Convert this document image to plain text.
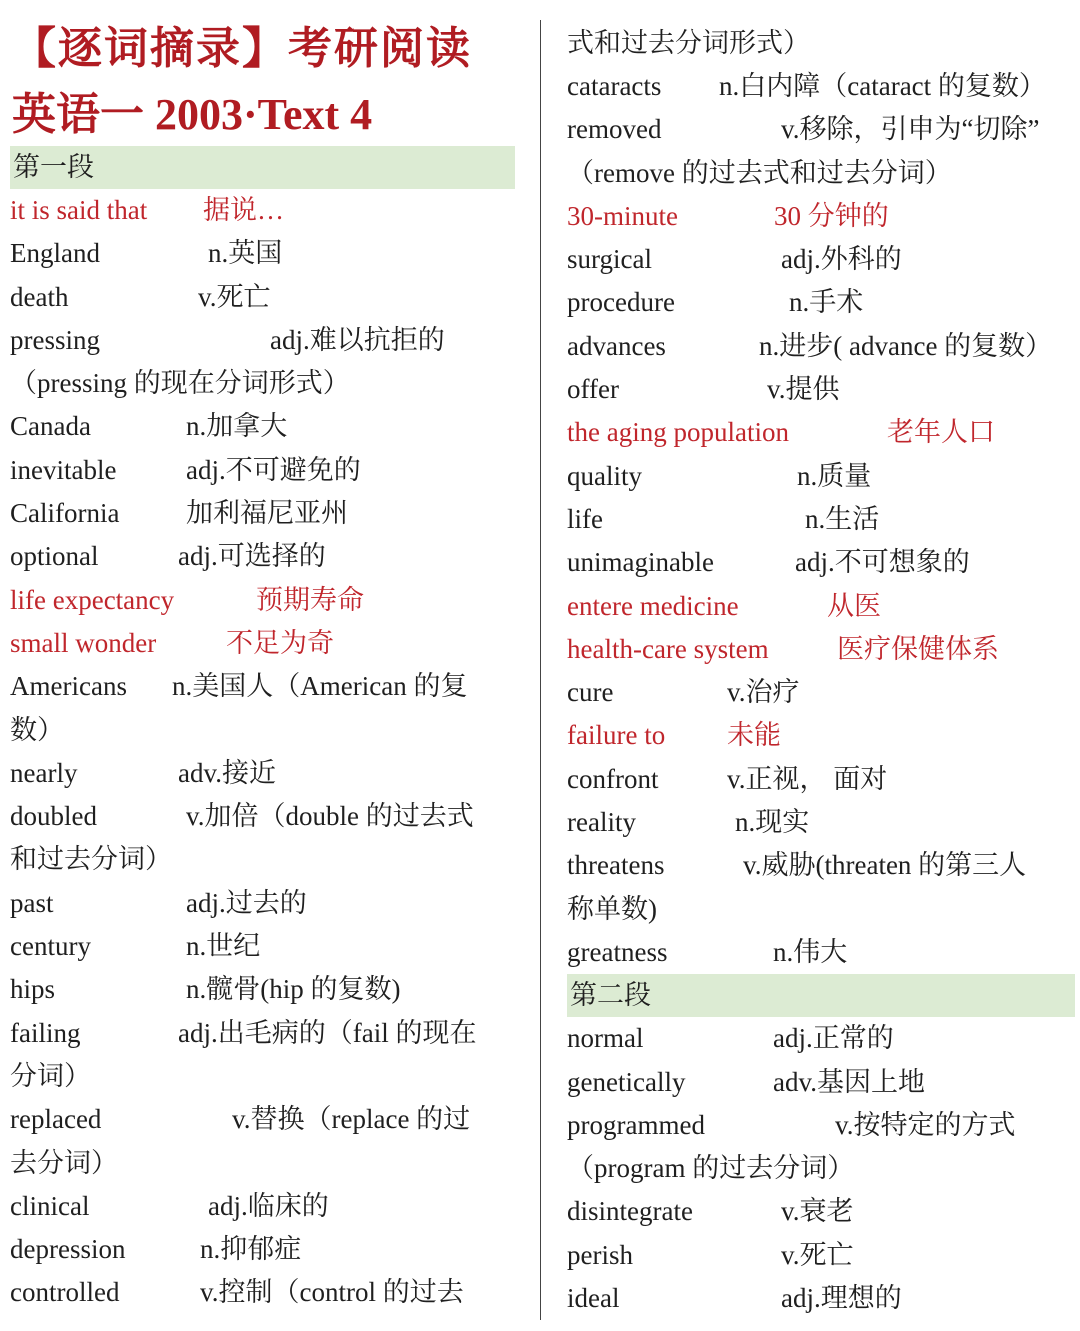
【逐词摘录】考研阅读
英语一 2003·Text 4
第一段
it is said that 据说…
England	n.英国
death	v.死亡
pressing	adj.难以抗拒的
（pressing 的现在分词形式）
Canada	n.加拿大
inevitable	adj.不可避免的
California 加利福尼亚州
optional	adj.可选择的
life expectancy	预期寿命
small wonder	不足为奇
Americans n.美国人（American 的复
数）
nearly	adv.接近
doubled	v.加倍（double 的过去式
和过去分词）
past	adj.过去的
century	n.世纪
hips	n.髋骨(hip 的复数)
failing	adj.出毛病的（fail 的现在
分词）
replaced	v.替换（replace 的过
去分词）
clinical	adj.临床的
depression	n.抑郁症
controlled	v.控制（control 的过去
式和过去分词形式）
cataracts n.白内障（cataract 的复数）
removed	v.移除，引申为“切除”
（remove 的过去式和过去分词）
30-minute	30 分钟的
surgical	adj.外科的
procedure	n.手术
advances	n.进步( advance 的复数）
offer	v.提供
the aging population	老年人口
quality	n.质量
life	n.生活
unimaginable	adj.不可想象的
entere medicine	从医
health-care system	医疗保健体系
cure	v.治疗
failure to 未能
confront	v.正视， 面对
reality	n.现实
threatens	v.威胁(threaten 的第三人
称单数)
greatness	n.伟大
第二段
normal	adj.正常的
genetically	adv.基因上地
programmed	v.按特定的方式
（program 的过去分词）
disintegrate	v.衰老
perish	v.死亡
ideal	adj.理想的
